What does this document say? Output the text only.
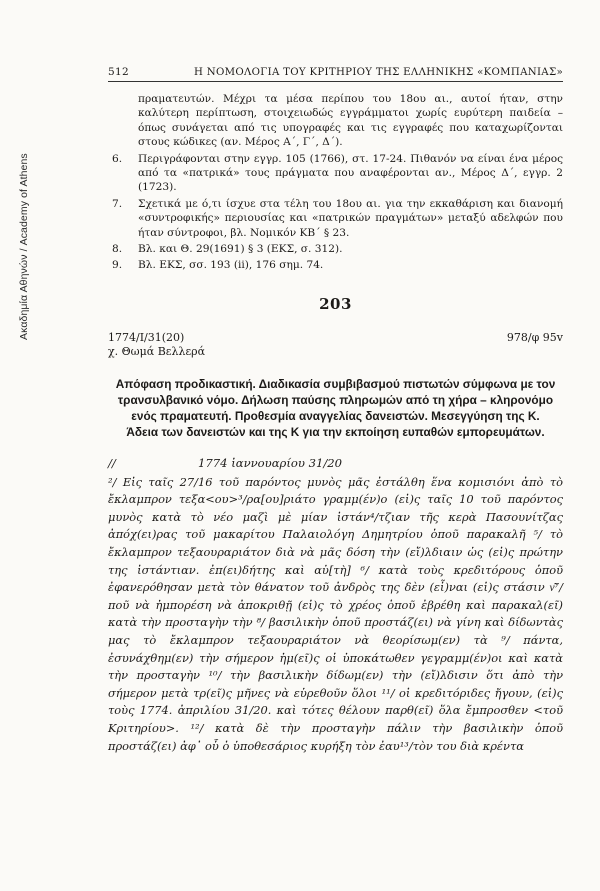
Ακαδημία Αθηνών / Academy of Athens
512	Η ΝΟΜΟΛΟΓΙΑ ΤΟΥ ΚΡΙΤΗΡΙΟΥ ΤΗΣ ΕΛΛΗΝΙΚΗΣ «ΚΟΜΠΑΝΙΑΣ»
πραματευτών. Μέχρι τα μέσα περίπου του 18ου αι., αυτοί ήταν, στην καλύτερη περίπτωση, στοιχειωδώς εγγράμματοι χωρίς ευρύτερη παιδεία –όπως συνάγεται από τις υπογραφές και τις εγγραφές που καταχωρίζονται στους κώδικες (αν. Μέρος Α΄, Γ΄, Δ΄).
6.	Περιγράφονται στην εγγρ. 105 (1766), στ. 17-24. Πιθανόν να είναι ένα μέρος από τα «πατρικά» τους πράγματα που αναφέρονται αν., Μέρος Δ΄, εγγρ. 2 (1723).
7.	Σχετικά με ό,τι ίσχυε στα τέλη του 18ου αι. για την εκκαθάριση και διανομή «συντροφικής» περιουσίας και «πατρικών πραγμάτων» μεταξύ αδελφών που ήταν σύντροφοι, βλ. Νομικόν ΚΒ΄ § 23.
8.	Βλ. και Θ. 29(1691) § 3 (ΕΚΣ, σ. 312).
9.	Βλ. ΕΚΣ, σσ. 193 (ii), 176 σημ. 74.
203
1774/I/31(20)
χ. Θωμά Βελλερά
978/φ 95v
Απόφαση προδικαστική. Διαδικασία συμβιβασμού πιστωτών σύμφωνα με τον τρανσυλβανικό νόμο. Δήλωση παύσης πληρωμών από τη χήρα – κληρονόμο ενός πραματευτή. Προθεσμία αναγγελίας δανειστών. Μεσεγγύηση της Κ. Άδεια των δανειστών και της Κ για την εκποίηση ευπαθών εμπορευμάτων.
//	1774 ἰαννουαρίου 31/20

²/ Εἰς ταῖς 27/16 τοῦ παρόντος μυνὸς μᾶς ἐστάλθη ἕνα κομισιόνι ἀπὸ τὸ ἔκλαμπρον τεξα<ου>³/ρα[ου]ριάτο γραμμ(έν)ο (εἰ)ς ταῖς 10 τοῦ παρόντος μυνὸς κατὰ τὸ νέο μαζὶ μὲ μίαν ἰστάν⁴/τζιαν τῆς κερὰ Πασουνίτζας ἀπόχ(ει)ρας τοῦ μακαρίτου Παλαιολόγη Δημητρίου ὁποῦ παρακαλῆ ⁵/ τὸ ἔκλαμπρον τεξαουραριάτον διὰ νὰ μᾶς δόση τὴν (εἴ)λδιαιν ὡς (εἰ)ς πρώτην της ἰστάντιαν. ἐπ(ει)δήτης καὶ αὐ[τὴ] ⁶/ κατὰ τοὺς κρεδιτόρους ὁποῦ ἐφανερόθησαν μετὰ τὸν θάνατον τοῦ ἀνδρὸς της δὲν (εἶ)ναι (εἰ)ς στάσιν ν͂⁷/ποῦ νὰ ἠμπορέση νὰ ἀποκριθῇ (εἰ)ς τὸ χρέος ὁποῦ ἐβρέθη καὶ παρακαλ(εῖ) κατὰ τὴν προσταγὴν τὴν ⁸/ βασιλικὴν ὁποῦ προστάζ(ει) νὰ γίνη καὶ δίδωντὰς μας τὸ ἔκλαμπρον τεξαουραριάτον νὰ θεορίσωμ(εν) τὰ ⁹/ πάντα, ἐσυνάχθημ(εν) τὴν σήμερον ἡμ(εῖ)ς οἱ ὑποκάτωθεν γεγραμμ(έν)οι καὶ κατὰ τὴν προσταγὴν ¹⁰/ τὴν βασιλικὴν δίδωμ(εν) τὴν (εἴ)λδισιν ὅτι ἀπὸ τὴν σήμερον μετὰ τρ(εῖ)ς μῆνες νὰ εὑρεθοῦν ὅλοι ¹¹/ οἱ κρεδιτόριδες ἤγουν, (εἰ)ς τοὺς 1774. ἀπριλίου 31/20. καὶ τότες θέλουν παρθ(εῖ) ὅλα ἔμπροσθεν <τοῦ Κριτηρίου>. ¹²/ κατὰ δὲ τὴν προσταγὴν πάλιν τὴν βασιλικὴν ὁποῦ προστάζ(ει) ἀφ᾽ οὗ ὁ ὑποθεσάριος κυρήξη τὸν ἐαυ¹³/τὸν του διὰ κρέντα
